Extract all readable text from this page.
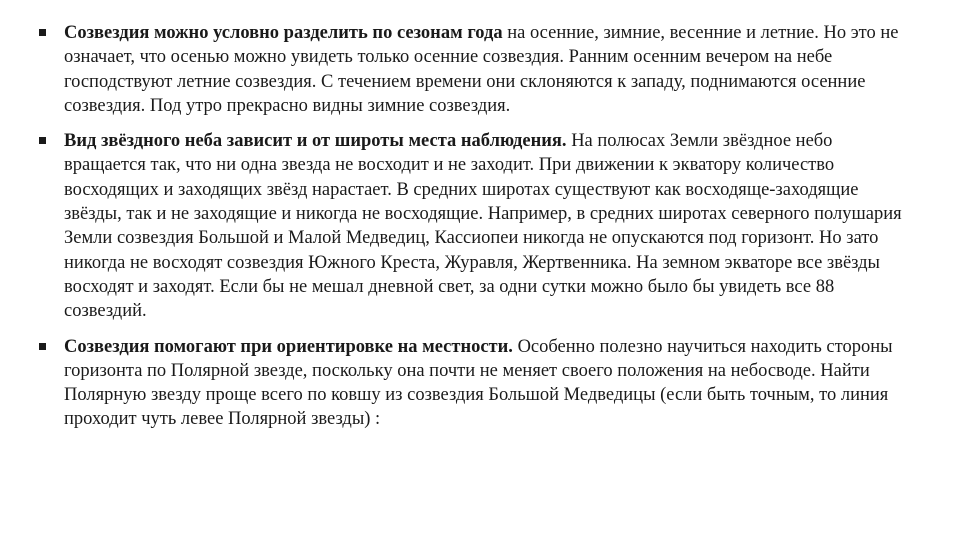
Созвездия можно условно разделить по сезонам года на осенние, зимние, весенние и летние. Но это не означает, что осенью можно увидеть только осенние созвездия. Ранним осенним вечером на небе господствуют летние созвездия. С течением времени они склоняются к западу, поднимаются осенние созвездия. Под утро прекрасно видны зимние созвездия.
Вид звёздного неба зависит и от широты места наблюдения. На полюсах Земли звёздное небо вращается так, что ни одна звезда не восходит и не заходит. При движении к экватору количество восходящих и заходящих звёзд нарастает. В средних широтах существуют как восходяще-заходящие звёзды, так и не заходящие и никогда не восходящие. Например, в средних широтах северного полушария Земли созвездия Большой и Малой Медведиц, Кассиопеи никогда не опускаются под горизонт. Но зато никогда не восходят созвездия Южного Креста, Журавля, Жертвенника. На земном экваторе все звёзды восходят и заходят. Если бы не мешал дневной свет, за одни сутки можно было бы увидеть все 88 созвездий.
Созвездия помогают при ориентировке на местности. Особенно полезно научиться находить стороны горизонта по Полярной звезде, поскольку она почти не меняет своего положения на небосводе. Найти Полярную звезду проще всего по ковшу из созвездия Большой Медведицы (если быть точным, то линия проходит чуть левее Полярной звезды) :
